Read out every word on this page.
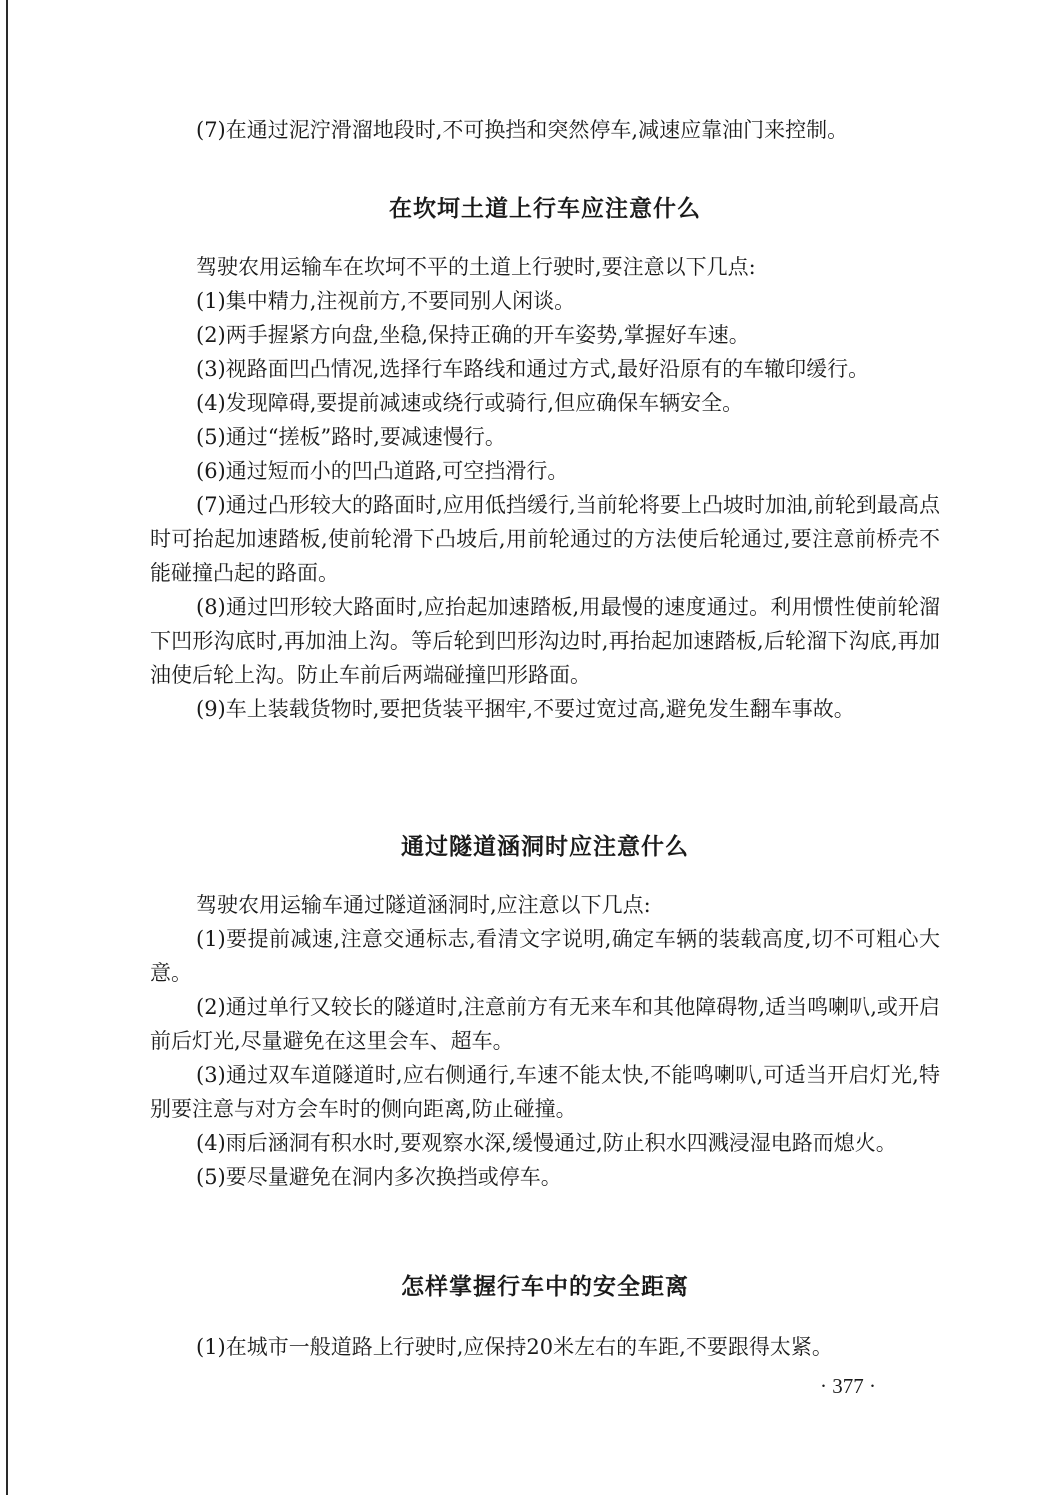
(7)在通过泥泞滑溜地段时,不可换挡和突然停车,减速应靠油门来控制。

在坎坷土道上行车应注意什么

驾驶农用运输车在坎坷不平的土道上行驶时,要注意以下几点:

(1)集中精力,注视前方,不要同别人闲谈。

(2)两手握紧方向盘,坐稳,保持正确的开车姿势,掌握好车速。

(3)视路面凹凸情况,选择行车路线和通过方式,最好沿原有的车辙印缓行。

(4)发现障碍,要提前减速或绕行或骑行,但应确保车辆安全。

(5)通过“搓板”路时,要减速慢行。

(6)通过短而小的凹凸道路,可空挡滑行。

(7)通过凸形较大的路面时,应用低挡缓行,当前轮将要上凸坡时加油,前轮到最高点时可抬起加速踏板,使前轮滑下凸坡后,用前轮通过的方法使后轮通过,要注意前桥壳不能碰撞凸起的路面。

(8)通过凹形较大路面时,应抬起加速踏板,用最慢的速度通过。利用惯性使前轮溜下凹形沟底时,再加油上沟。等后轮到凹形沟边时,再抬起加速踏板,后轮溜下沟底,再加油使后轮上沟。防止车前后两端碰撞凹形路面。

(9)车上装载货物时,要把货装平捆牢,不要过宽过高,避免发生翻车事故。

通过隧道涵洞时应注意什么

驾驶农用运输车通过隧道涵洞时,应注意以下几点:

(1)要提前减速,注意交通标志,看清文字说明,确定车辆的装载高度,切不可粗心大意。

(2)通过单行又较长的隧道时,注意前方有无来车和其他障碍物,适当鸣喇叭,或开启前后灯光,尽量避免在这里会车、超车。

(3)通过双车道隧道时,应右侧通行,车速不能太快,不能鸣喇叭,可适当开启灯光,特别要注意与对方会车时的侧向距离,防止碰撞。

(4)雨后涵洞有积水时,要观察水深,缓慢通过,防止积水四溅浸湿电路而熄火。

(5)要尽量避免在洞内多次换挡或停车。

怎样掌握行车中的安全距离

(1)在城市一般道路上行驶时,应保持20米左右的车距,不要跟得太紧。

· 377 ·
